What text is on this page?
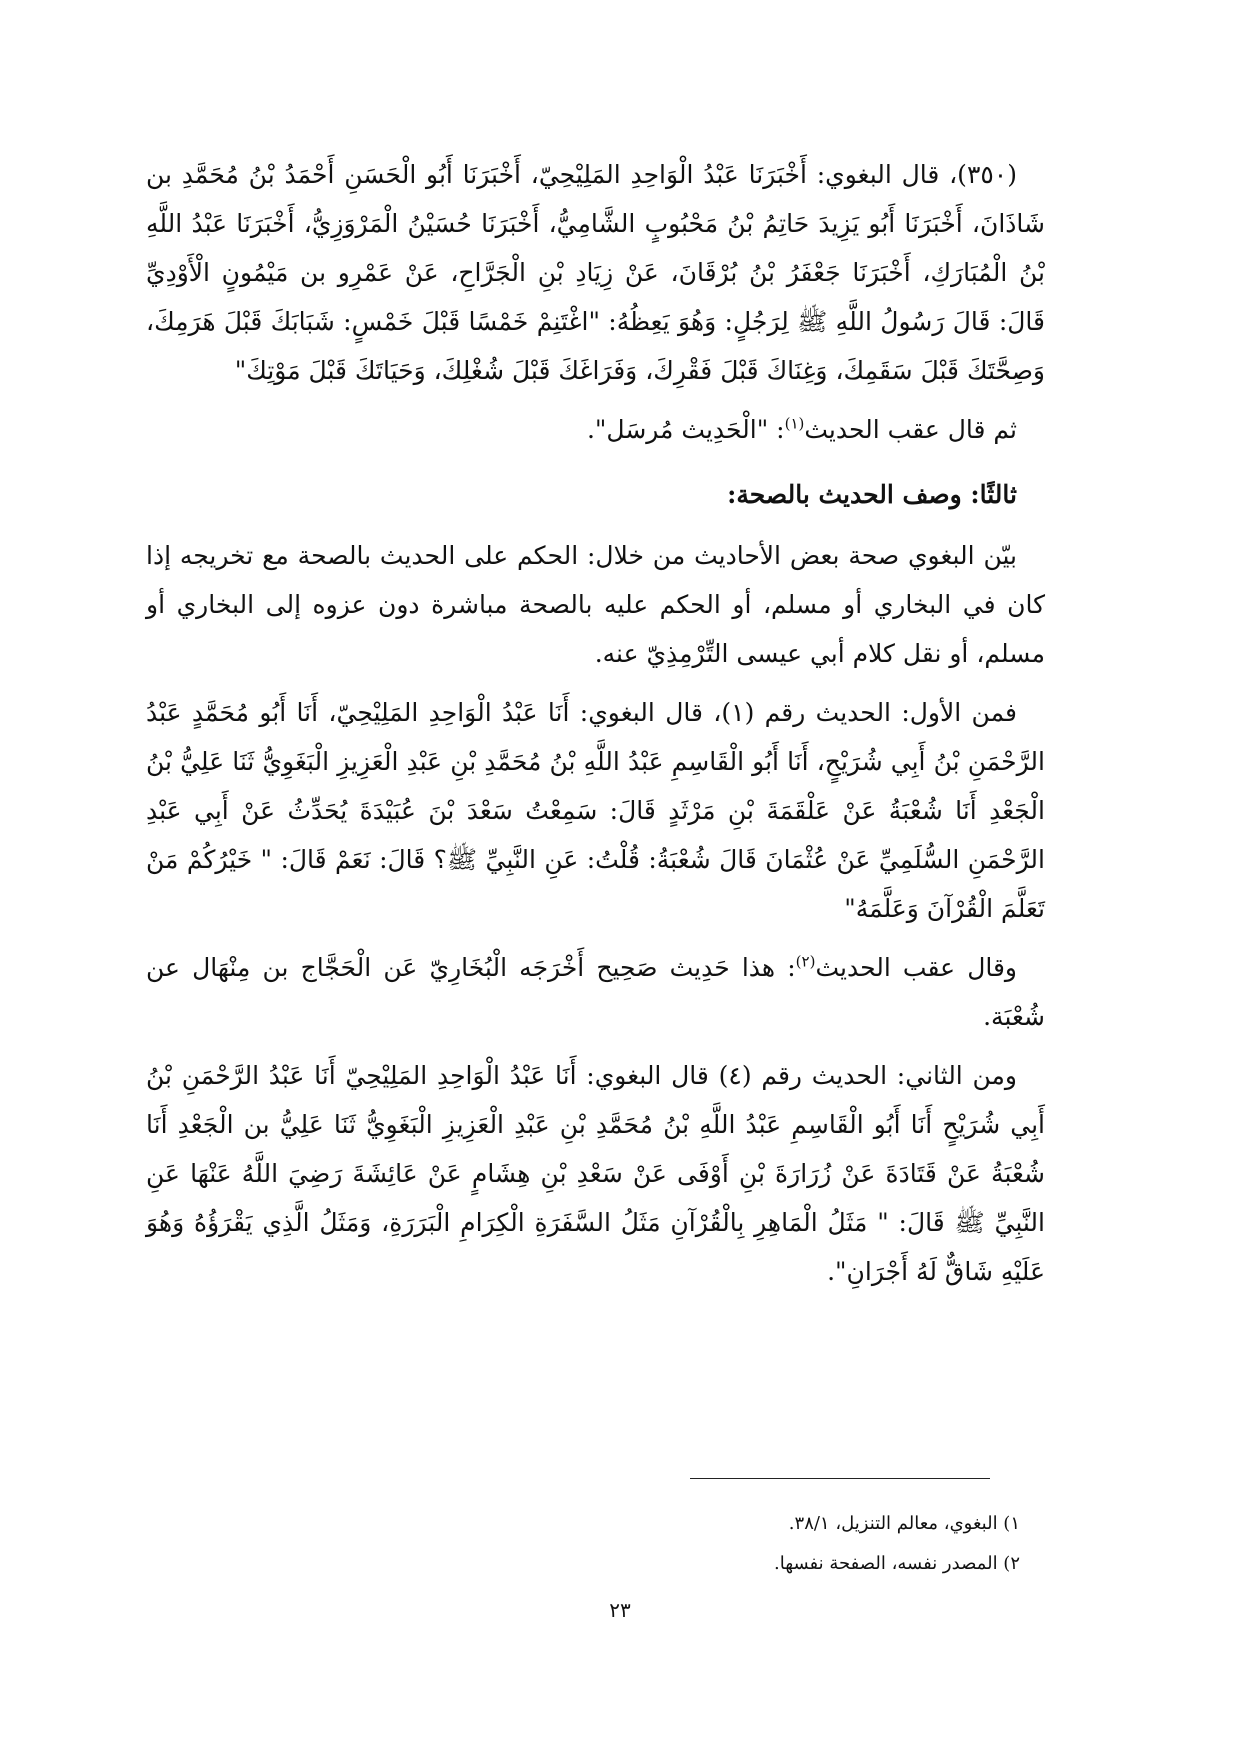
(٣٥٠)، قال البغوي: أَخْبَرَنَا عَبْدُ الْوَاحِدِ المَلِيْحِيّ، أَخْبَرَنَا أَبُو الْحَسَنِ أَحْمَدُ بْنُ مُحَمَّدِ بن شَاذَانَ، أَخْبَرَنَا أَبُو يَزِيدَ حَاتِمُ بْنُ مَحْبُوبٍ الشَّامِيُّ، أَخْبَرَنَا حُسَيْنُ الْمَرْوَزِيُّ، أَخْبَرَنَا عَبْدُ اللَّهِ بْنُ الْمُبَارَكِ، أَخْبَرَنَا جَعْفَرُ بْنُ بُرْقَانَ، عَنْ زِيَادِ بْنِ الْجَرَّاحِ، عَنْ عَمْرِو بن مَيْمُونٍ الْأَوْدِيِّ قَالَ: قَالَ رَسُولُ اللَّهِ ﷺ لِرَجُلٍ: وَهُوَ يَعِظُهُ: "اغْتَنِمْ خَمْسًا قَبْلَ خَمْسٍ: شَبَابَكَ قَبْلَ هَرَمِكَ، وَصِحَّتَكَ قَبْلَ سَقَمِكَ، وَغِنَاكَ قَبْلَ فَقْرِكَ، وَفَرَاغَكَ قَبْلَ شُغْلِكَ، وَحَيَاتَكَ قَبْلَ مَوْتِكَ"

ثم قال عقب الحديث$^{(١)}$: "الْحَدِيث مُرسَل".

ثالثًا: وصف الحديث بالصحة:

بيّن البغوي صحة بعض الأحاديث من خلال: الحكم على الحديث بالصحة مع تخريجه إذا كان في البخاري أو مسلم، أو الحكم عليه بالصحة مباشرة دون عزوه إلى البخاري أو مسلم، أو نقل كلام أبي عيسى التِّرْمِذِيّ عنه.

فمن الأول: الحديث رقم (١)، قال البغوي: أَنَا عَبْدُ الْوَاحِدِ المَلِيْحِيّ، أَنَا أَبُو مُحَمَّدٍ عَبْدُ الرَّحْمَنِ بْنُ أَبِي شُرَيْحٍ، أَنَا أَبُو الْقَاسِمِ عَبْدُ اللَّهِ بْنُ مُحَمَّدِ بْنِ عَبْدِ الْعَزِيزِ الْبَغَوِيُّ ثَنَا عَلِيُّ بْنُ الْجَعْدِ أَنَا شُعْبَةُ عَنْ عَلْقَمَةَ بْنِ مَرْثَدٍ قَالَ: سَمِعْتُ سَعْدَ بْنَ عُبَيْدَةَ يُحَدِّثُ عَنْ أَبِي عَبْدِ الرَّحْمَنِ السُّلَمِيِّ عَنْ عُثْمَانَ قَالَ شُعْبَةُ: قُلْتُ: عَنِ النَّبِيِّ ﷺ؟ قَالَ: نَعَمْ قَالَ: " خَيْرُكُمْ مَنْ تَعَلَّمَ الْقُرْآنَ وَعَلَّمَهُ"

وقال عقب الحديث$^{(٢)}$: هذا حَدِيث صَحِيح أَخْرَجَه الْبُخَارِيّ عَن الْحَجَّاج بن مِنْهَال عن شُعْبَة.

ومن الثاني: الحديث رقم (٤) قال البغوي: أَنَا عَبْدُ الْوَاحِدِ المَلِيْحِيّ أَنَا عَبْدُ الرَّحْمَنِ بْنُ أَبِي شُرَيْحٍ أَنَا أَبُو الْقَاسِمِ عَبْدُ اللَّهِ بْنُ مُحَمَّدِ بْنِ عَبْدِ الْعَزِيزِ الْبَغَوِيُّ ثَنَا عَلِيُّ بن الْجَعْدِ أَنَا شُعْبَةُ عَنْ قَتَادَةَ عَنْ زُرَارَةَ بْنِ أَوْفَى عَنْ سَعْدِ بْنِ هِشَامٍ عَنْ عَائِشَةَ رَضِيَ اللَّهُ عَنْهَا عَنِ النَّبِيِّ ﷺ قَالَ: " مَثَلُ الْمَاهِرِ بِالْقُرْآنِ مَثَلُ السَّفَرَةِ الْكِرَامِ الْبَرَرَةِ، وَمَثَلُ الَّذِي يَقْرَؤُهُ وَهُوَ عَلَيْهِ شَاقٌّ لَهُ أَجْرَانِ".

١) البغوي، معالم التنزيل، ٣٨/١.

٢) المصدر نفسه، الصفحة نفسها.

٢٣
